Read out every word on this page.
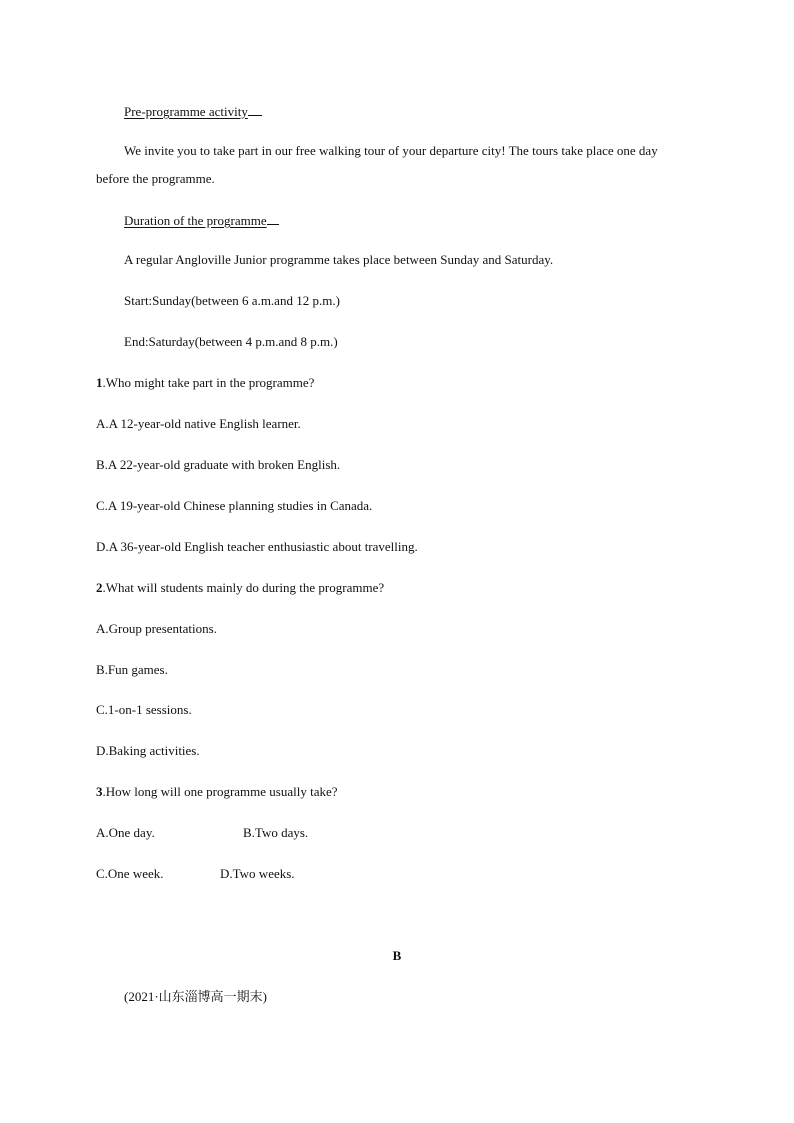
Pre-programme activity
We invite you to take part in our free walking tour of your departure city! The tours take place one day
before the programme.
Duration of the programme
A regular Angloville Junior programme takes place between Sunday and Saturday.
Start:Sunday(between 6 a.m.and 12 p.m.)
End:Saturday(between 4 p.m.and 8 p.m.)
1.Who might take part in the programme?
A.A 12-year-old native English learner.
B.A 22-year-old graduate with broken English.
C.A 19-year-old Chinese planning studies in Canada.
D.A 36-year-old English teacher enthusiastic about travelling.
2.What will students mainly do during the programme?
A.Group presentations.
B.Fun games.
C.1-on-1 sessions.
D.Baking activities.
3.How long will one programme usually take?
A.One day.	B.Two days.
C.One week.	D.Two weeks.
B
(2021·山东淄博高一期末)
